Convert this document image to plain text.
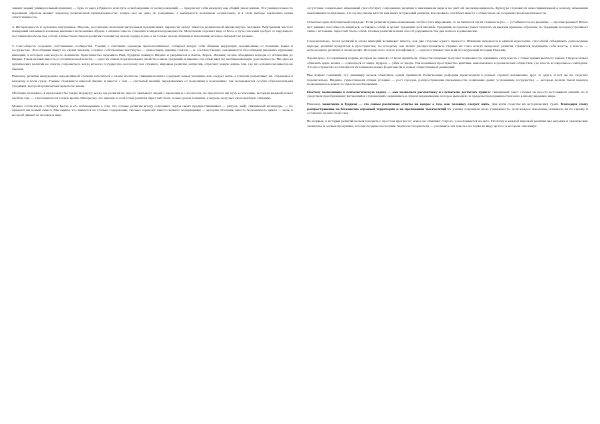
лениит новый универсальный принцип — будь то вера в Единого или путь освобождения от цепи рождений, — предлагает себя каждому как общий закон жизни. Эта универсальность коренным образом меняет характер религиозной принадлежности: теперь она не дана по рождению, а выбирается человеком сознательно, и в этом выборе заключена новая ответственность.

4. Интериорность и духовное внутреннее. Мораль, постепенно вытесняя ритуальные предписания, переносит центр тяжести религиозной жизни внутрь человека. Внутренняя чистота намерений оказывается важнее внешнего исполнения обряда, а личная совесть становится мерилом праведности. Монотеизм отделяет мир от Бога, а путь спасения требует от верующего постоянной работы над собой; в известном смысле религия становится делом сердца и ума, а не только делом общины и поколения, которое передаёт её дальше.

5. Способность создавать собственные сообщества. Учение о спасении, однажды провозглашённое, собирает вокруг себя общины верующих, независимые от племени, языка и государства. Эти общины живут по своим законам, создают собственные институты — монастыри, церкви, сангхи — и, соответственно, оказываются способными пережить крушение империй, в которых они когда-то возникли. Христианство пережило Рим, буддизм покинул Индию и укоренился в Китае, Корее, Японии; ислам объединил народы от Атлантики до Индии. Такая независимость от политической власти — одно из самых поразительных свойств осевых традиций, и именно она объясняет их необыкновенную долговечность. Ни одна из архаических религий не смогла сохраниться, когда исчезло государство, которому она служила; мировые религии, напротив, обретают новую жизнь там, где их основатели никогда не бывали.

Наконец, религии вынуждены определённой степени заботиться о своем носителе: священная книга содержит ясные указания, как следует жить, а учители разъясняют их, обращаясь к каждому и всем сразу. Учение становится школой жизни, и вместе с тем — системой знаний, передаваемых от поколения к поколению; так складывается особая образовательная традиция, которой архаические культы не знали.

Обобщая сказанное, я предложил бы такую формулу: когда где религия не просто связывает людей с прошлым и с космосом, но предлагает им путь к спасению, которым каждый может пройти сам, — там начинается осевое время. Интересно, что именно в этой точке религия перестаёт быть только делом племени, а мораль получает свою высшую санкцию.

Можно согласиться с Роберту Белла и его наблюдением о том, что осевые религии всюду сохраняют черты своих предшественников — ритуал, миф, священный календарь, — но придают им новый смысл. Мы видим, что меняется не столько содержание, сколько горизонт: вместо вечного возвращения — история спасения, вместо бесконечного цикла — цель, к которой движется человек и мир.

отсутствие социальных изменений способствует сохранению религии в неизменном виде и не даёт ей эволюционировать. Культура становится невосприимчивой к новому, изменения накапливаются медленно, а в случае смены власти или иных потрясений религия, как правило, погибает вместе с обществом, не сохраняя своей идентичности.

Отметим один любопытный парадокс. Если религии нужны изменения, чтобы стать мировыми, то не является ли их главная черта — устойчивость во времени — противоречием? Вовсе нет: именно способность меняться, оставаясь собой, и делает традицию долговечной. Традиция, которая не умеет отвечать на вызовы времени, обречена; но традиция, которая утрачивает связь с истоками, перестаёт быть собой. Осевые религии нашли способ удерживать эти два полюса в равновесии.

Следовательно, эпоха религий и эпоха империй возникают вместе, как две стороны одного процесса. Империя нуждается в единой идеологии, способной объединить разнородные народы; религия нуждается в пространстве, по которому она может распространяться. Однако их союз всегда непрочен: религия стремится подчинить себе власть, а власть — использовать религию в своих целях. История этого союза и конфликта — одна из главных тем всей последующей истории Евразии.

Характерно, что принимая нормы, которые не зависят от воли правителя, общество впервые получает возможность оценивать саму власть с точки зрения высшего закона. Пророк может обличить царя, монах — отказаться от мира, мудрец — уйти от двора. Так возникает пространство критики, невозможное в архаических обществах, где власть и сакральное совпадали. Это пространство и становится источником новых форм мысли и новых общественных движений.

Вне всяких сомнений, эту динамику нельзя объяснить одной причиной. Религиозные реформы происходили в разных странах независимо друг от друга, и всё же их сходство поразительно. Видимо, существовали общие условия — рост городов, распространение письменности, появление денег, усложнение государства, — которые делали такой переход возможным и в каком-то смысле необходимым.

Поэтому выполнение в психологическую задачу — она позволила рассказчику и слушателю достигать транса: священный текст служил не просто источником знаний, но и средством преображения; читающий и слушающий соединялись в общем переживании, которое выходило за пределы повседневности и вело к иному видению мира.

Наконец, монотеизм и буддизм — это самые различные ответы на вопрос о том, как человеку следует жить, при всём сходстве их исторических судеб. Благодаря этому распространение по бесконечно огромной территории и на протяжении тысячелетий их учения сохраняли свою узнаваемость, хотя каждое поколение понимало их по-своему и оставляло на них свой след.

Во-первых, в истории религий нельзя говорить о простом прогрессе; новое не отменяет старого, а наслаивается на него. Поэтому в каждой мировой религии мы находим и архаические элементы, и осевые прозрения, и более поздние наслоения. Задача исследователя — различить эти пласты, не теряя из виду целого, в котором они живут.
